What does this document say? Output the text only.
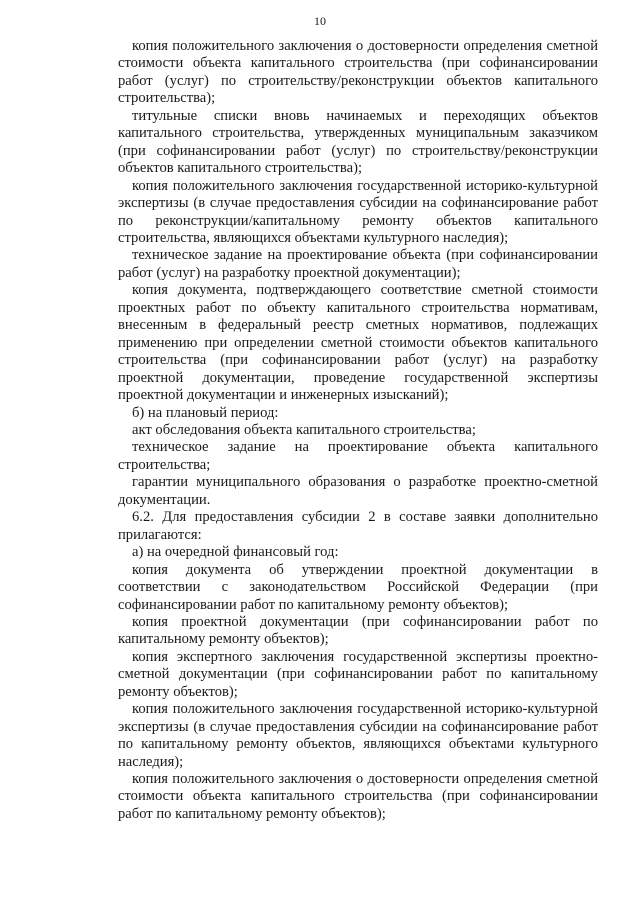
10

копия положительного заключения о достоверности определения сметной стоимости объекта капитального строительства (при софинансировании работ (услуг) по строительству/реконструкции объектов капитального строительства);

титульные списки вновь начинаемых и переходящих объектов капитального строительства, утвержденных муниципальным заказчиком (при софинансировании работ (услуг) по строительству/реконструкции объектов капитального строительства);

копия положительного заключения государственной историко-культурной экспертизы (в случае предоставления субсидии на софинансирование работ по реконструкции/капитальному ремонту объектов капитального строительства, являющихся объектами культурного наследия);

техническое задание на проектирование объекта (при софинансировании работ (услуг) на разработку проектной документации);

копия документа, подтверждающего соответствие сметной стоимости проектных работ по объекту капитального строительства нормативам, внесенным в федеральный реестр сметных нормативов, подлежащих применению при определении сметной стоимости объектов капитального строительства (при софинансировании работ (услуг) на разработку проектной документации, проведение государственной экспертизы проектной документации и инженерных изысканий);

б) на плановый период:

акт обследования объекта капитального строительства;

техническое задание на проектирование объекта капитального строительства;

гарантии муниципального образования о разработке проектно-сметной документации.

6.2. Для предоставления субсидии 2 в составе заявки дополнительно прилагаются:

а) на очередной финансовый год:

копия документа об утверждении проектной документации в соответствии с законодательством Российской Федерации (при софинансировании работ по капитальному ремонту объектов);

копия проектной документации (при софинансировании работ по капитальному ремонту объектов);

копия экспертного заключения государственной экспертизы проектно-сметной документации (при софинансировании работ по капитальному ремонту объектов);

копия положительного заключения государственной историко-культурной экспертизы (в случае предоставления субсидии на софинансирование работ по капитальному ремонту объектов, являющихся объектами культурного наследия);

копия положительного заключения о достоверности определения сметной стоимости объекта капитального строительства (при софинансировании работ по капитальному ремонту объектов);
